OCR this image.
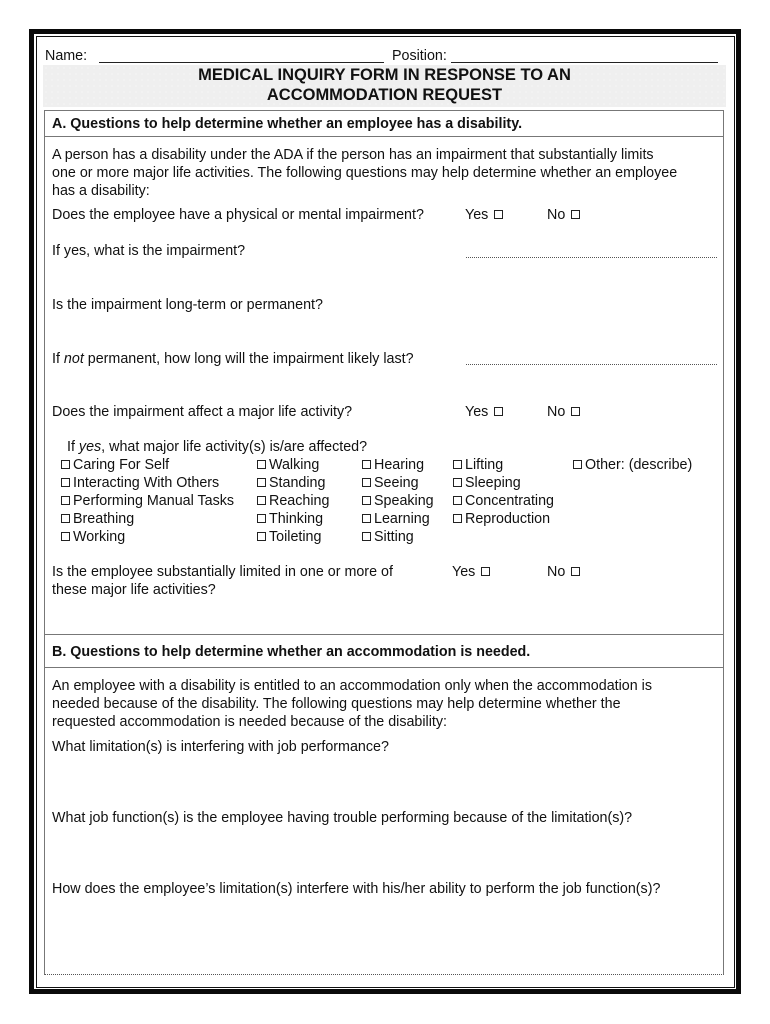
Name:	Position:
MEDICAL INQUIRY FORM IN RESPONSE TO AN
ACCOMMODATION REQUEST
A. Questions to help determine whether an employee has a disability.
A person has a disability under the ADA if the person has an impairment that substantially limits
one or more major life activities. The following questions may help determine whether an employee
has a disability:
Does the employee have a physical or mental impairment?	Yes	No
If yes, what is the impairment?
Is the impairment long-term or permanent?
If not permanent, how long will the impairment likely last?
Does the impairment affect a major life activity?	Yes	No
If yes, what major life activity(s) is/are affected?
Caring For Self
Interacting With Others
Performing Manual Tasks
Breathing
Working
Walking
Standing
Reaching
Thinking
Toileting
Hearing
Seeing
Speaking
Learning
Sitting
Lifting
Sleeping
Concentrating
Reproduction
Other: (describe)
Is the employee substantially limited in one or more of
these major life activities?
Yes	No
B. Questions to help determine whether an accommodation is needed.
An employee with a disability is entitled to an accommodation only when the accommodation is
needed because of the disability. The following questions may help determine whether the
requested accommodation is needed because of the disability:
What limitation(s) is interfering with job performance?
What job function(s) is the employee having trouble performing because of the limitation(s)?
How does the employee’s limitation(s) interfere with his/her ability to perform the job function(s)?
